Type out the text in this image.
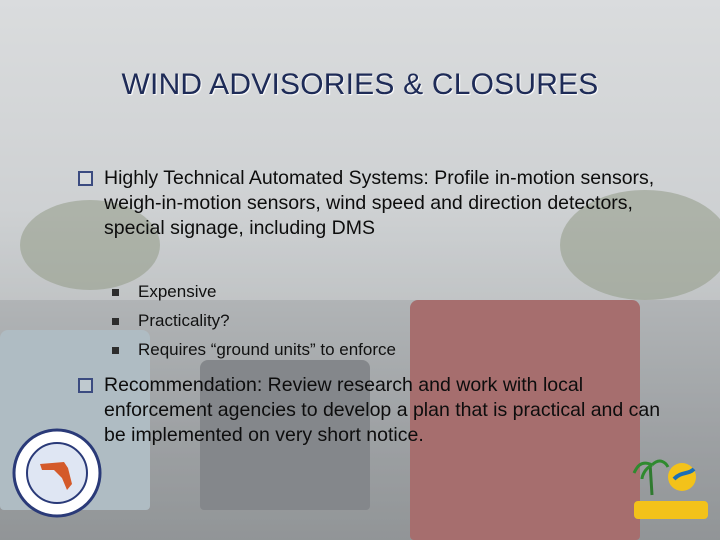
WIND ADVISORIES & CLOSURES
Highly Technical Automated Systems: Profile in-motion sensors, weigh-in-motion sensors, wind speed and direction detectors, special signage, including DMS
Expensive
Practicality?
Requires “ground units” to enforce
Recommendation: Review research and work with local enforcement agencies to develop a plan that is practical and can be implemented on very short notice.
